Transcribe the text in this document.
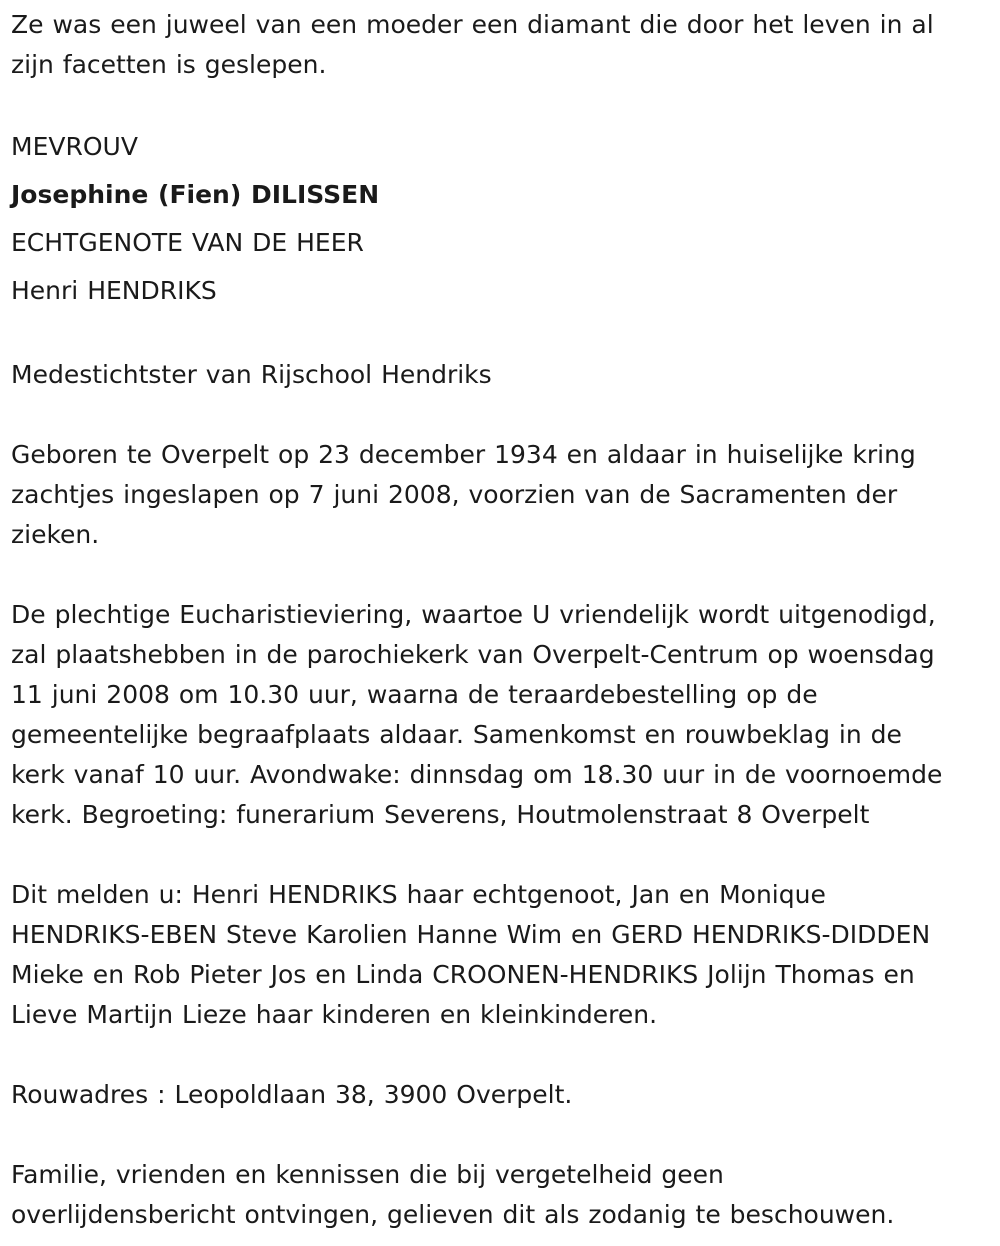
Ze was een juweel van een moeder een diamant die door het leven in al
zijn facetten is geslepen.
MEVROUV
Josephine (Fien) DILISSEN
ECHTGENOTE VAN DE HEER
Henri HENDRIKS
Medestichtster van Rijschool Hendriks
Geboren te Overpelt op 23 december 1934 en aldaar in huiselijke kring
zachtjes ingeslapen op 7 juni 2008, voorzien van de Sacramenten der
zieken.
De plechtige Eucharistieviering, waartoe U vriendelijk wordt uitgenodigd,
zal plaatshebben in de parochiekerk van Overpelt-Centrum op woensdag
11 juni 2008 om 10.30 uur, waarna de teraardebestelling op de
gemeentelijke begraafplaats aldaar. Samenkomst en rouwbeklag in de
kerk vanaf 10 uur. Avondwake: dinnsdag om 18.30 uur in de voornoemde
kerk. Begroeting: funerarium Severens, Houtmolenstraat 8 Overpelt
Dit melden u: Henri HENDRIKS haar echtgenoot, Jan en Monique
HENDRIKS-EBEN Steve Karolien Hanne Wim en GERD HENDRIKS-DIDDEN
Mieke en Rob Pieter Jos en Linda CROONEN-HENDRIKS Jolijn Thomas en
Lieve Martijn Lieze haar kinderen en kleinkinderen.
Rouwadres : Leopoldlaan 38, 3900 Overpelt.
Familie, vrienden en kennissen die bij vergetelheid geen
overlijdensbericht ontvingen, gelieven dit als zodanig te beschouwen.
